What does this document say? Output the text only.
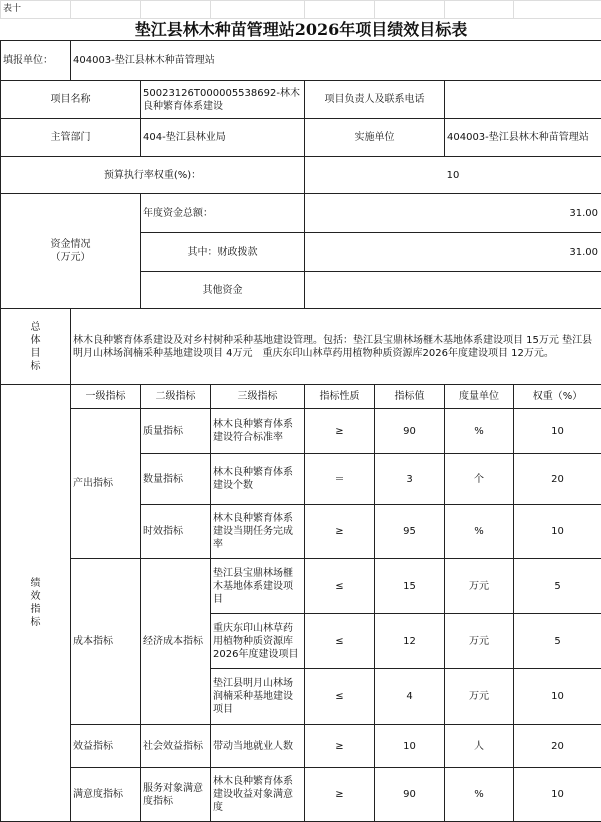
表十							
垫江县林木种苗管理站2026年项目绩效目标表							
填报单位：	404003-垫江县林木种苗管理站						
项目名称		50023126T000005538692-林木良种繁育体系建设		项目负责人及联系电话			
主管部门		404-垫江县林业局		实施单位		404003-垫江县林木种苗管理站	
预算执行率权重(%)：				10			
资金情况（万元）		年度资金总额：		31.00			
		其中：财政拨款		31.00			
		其他资金					
总体目标	林木良种繁育体系建设及对乡村树种采种基地建设管理。包括：垫江县宝鼎林场榧木基地体系建设项目 15万元 垫江县明月山林场润楠采种基地建设项目 4万元　重庆东印山林草药用植物种质资源库2026年度建设项目 12万元。						
绩效指标	一级指标	二级指标	三级指标	指标性质	指标值	度量单位	权重（%）
	产出指标	质量指标	林木良种繁育体系建设符合标准率	≥	90	%	10
		数量指标	林木良种繁育体系建设个数	＝	3	个	20
		时效指标	林木良种繁育体系建设当期任务完成率	≥	95	%	10
	成本指标	经济成本指标	垫江县宝鼎林场榧木基地体系建设项目	≤	15	万元	5
			重庆东印山林草药用植物种质资源库2026年度建设项目	≤	12	万元	5
			垫江县明月山林场润楠采种基地建设项目	≤	4	万元	10
	效益指标	社会效益指标	带动当地就业人数	≥	10	人	20
	满意度指标	服务对象满意度指标	林木良种繁育体系建设收益对象满意度	≥	90	%	10
